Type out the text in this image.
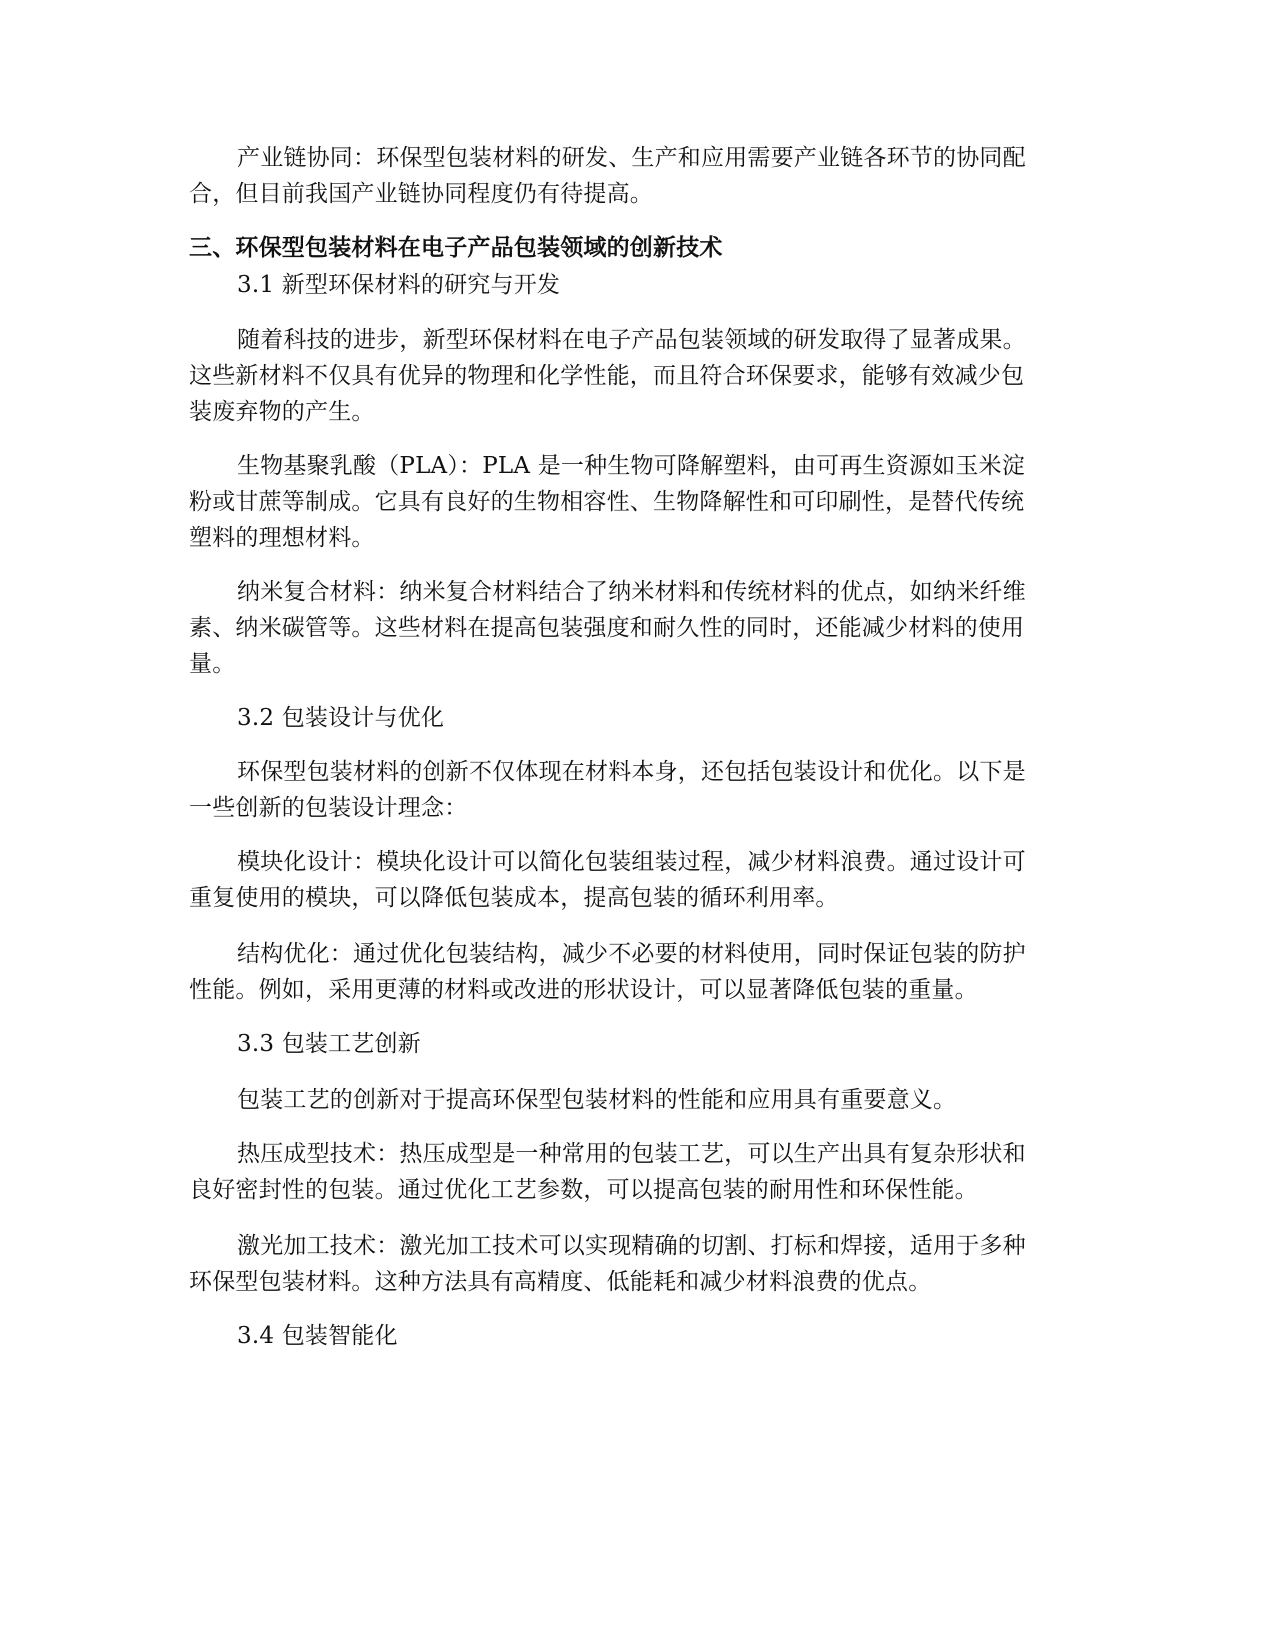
产业链协同：环保型包装材料的研发、生产和应用需要产业链各环节的协同配
合，但目前我国产业链协同程度仍有待提高。
三、环保型包装材料在电子产品包装领域的创新技术
3.1 新型环保材料的研究与开发
随着科技的进步，新型环保材料在电子产品包装领域的研发取得了显著成果。
这些新材料不仅具有优异的物理和化学性能，而且符合环保要求，能够有效减少包
装废弃物的产生。
生物基聚乳酸（PLA）：PLA 是一种生物可降解塑料，由可再生资源如玉米淀
粉或甘蔗等制成。它具有良好的生物相容性、生物降解性和可印刷性，是替代传统
塑料的理想材料。
纳米复合材料：纳米复合材料结合了纳米材料和传统材料的优点，如纳米纤维
素、纳米碳管等。这些材料在提高包装强度和耐久性的同时，还能减少材料的使用
量。
3.2 包装设计与优化
环保型包装材料的创新不仅体现在材料本身，还包括包装设计和优化。以下是
一些创新的包装设计理念：
模块化设计：模块化设计可以简化包装组装过程，减少材料浪费。通过设计可
重复使用的模块，可以降低包装成本，提高包装的循环利用率。
结构优化：通过优化包装结构，减少不必要的材料使用，同时保证包装的防护
性能。例如，采用更薄的材料或改进的形状设计，可以显著降低包装的重量。
3.3 包装工艺创新
包装工艺的创新对于提高环保型包装材料的性能和应用具有重要意义。
热压成型技术：热压成型是一种常用的包装工艺，可以生产出具有复杂形状和
良好密封性的包装。通过优化工艺参数，可以提高包装的耐用性和环保性能。
激光加工技术：激光加工技术可以实现精确的切割、打标和焊接，适用于多种
环保型包装材料。这种方法具有高精度、低能耗和减少材料浪费的优点。
3.4 包装智能化
